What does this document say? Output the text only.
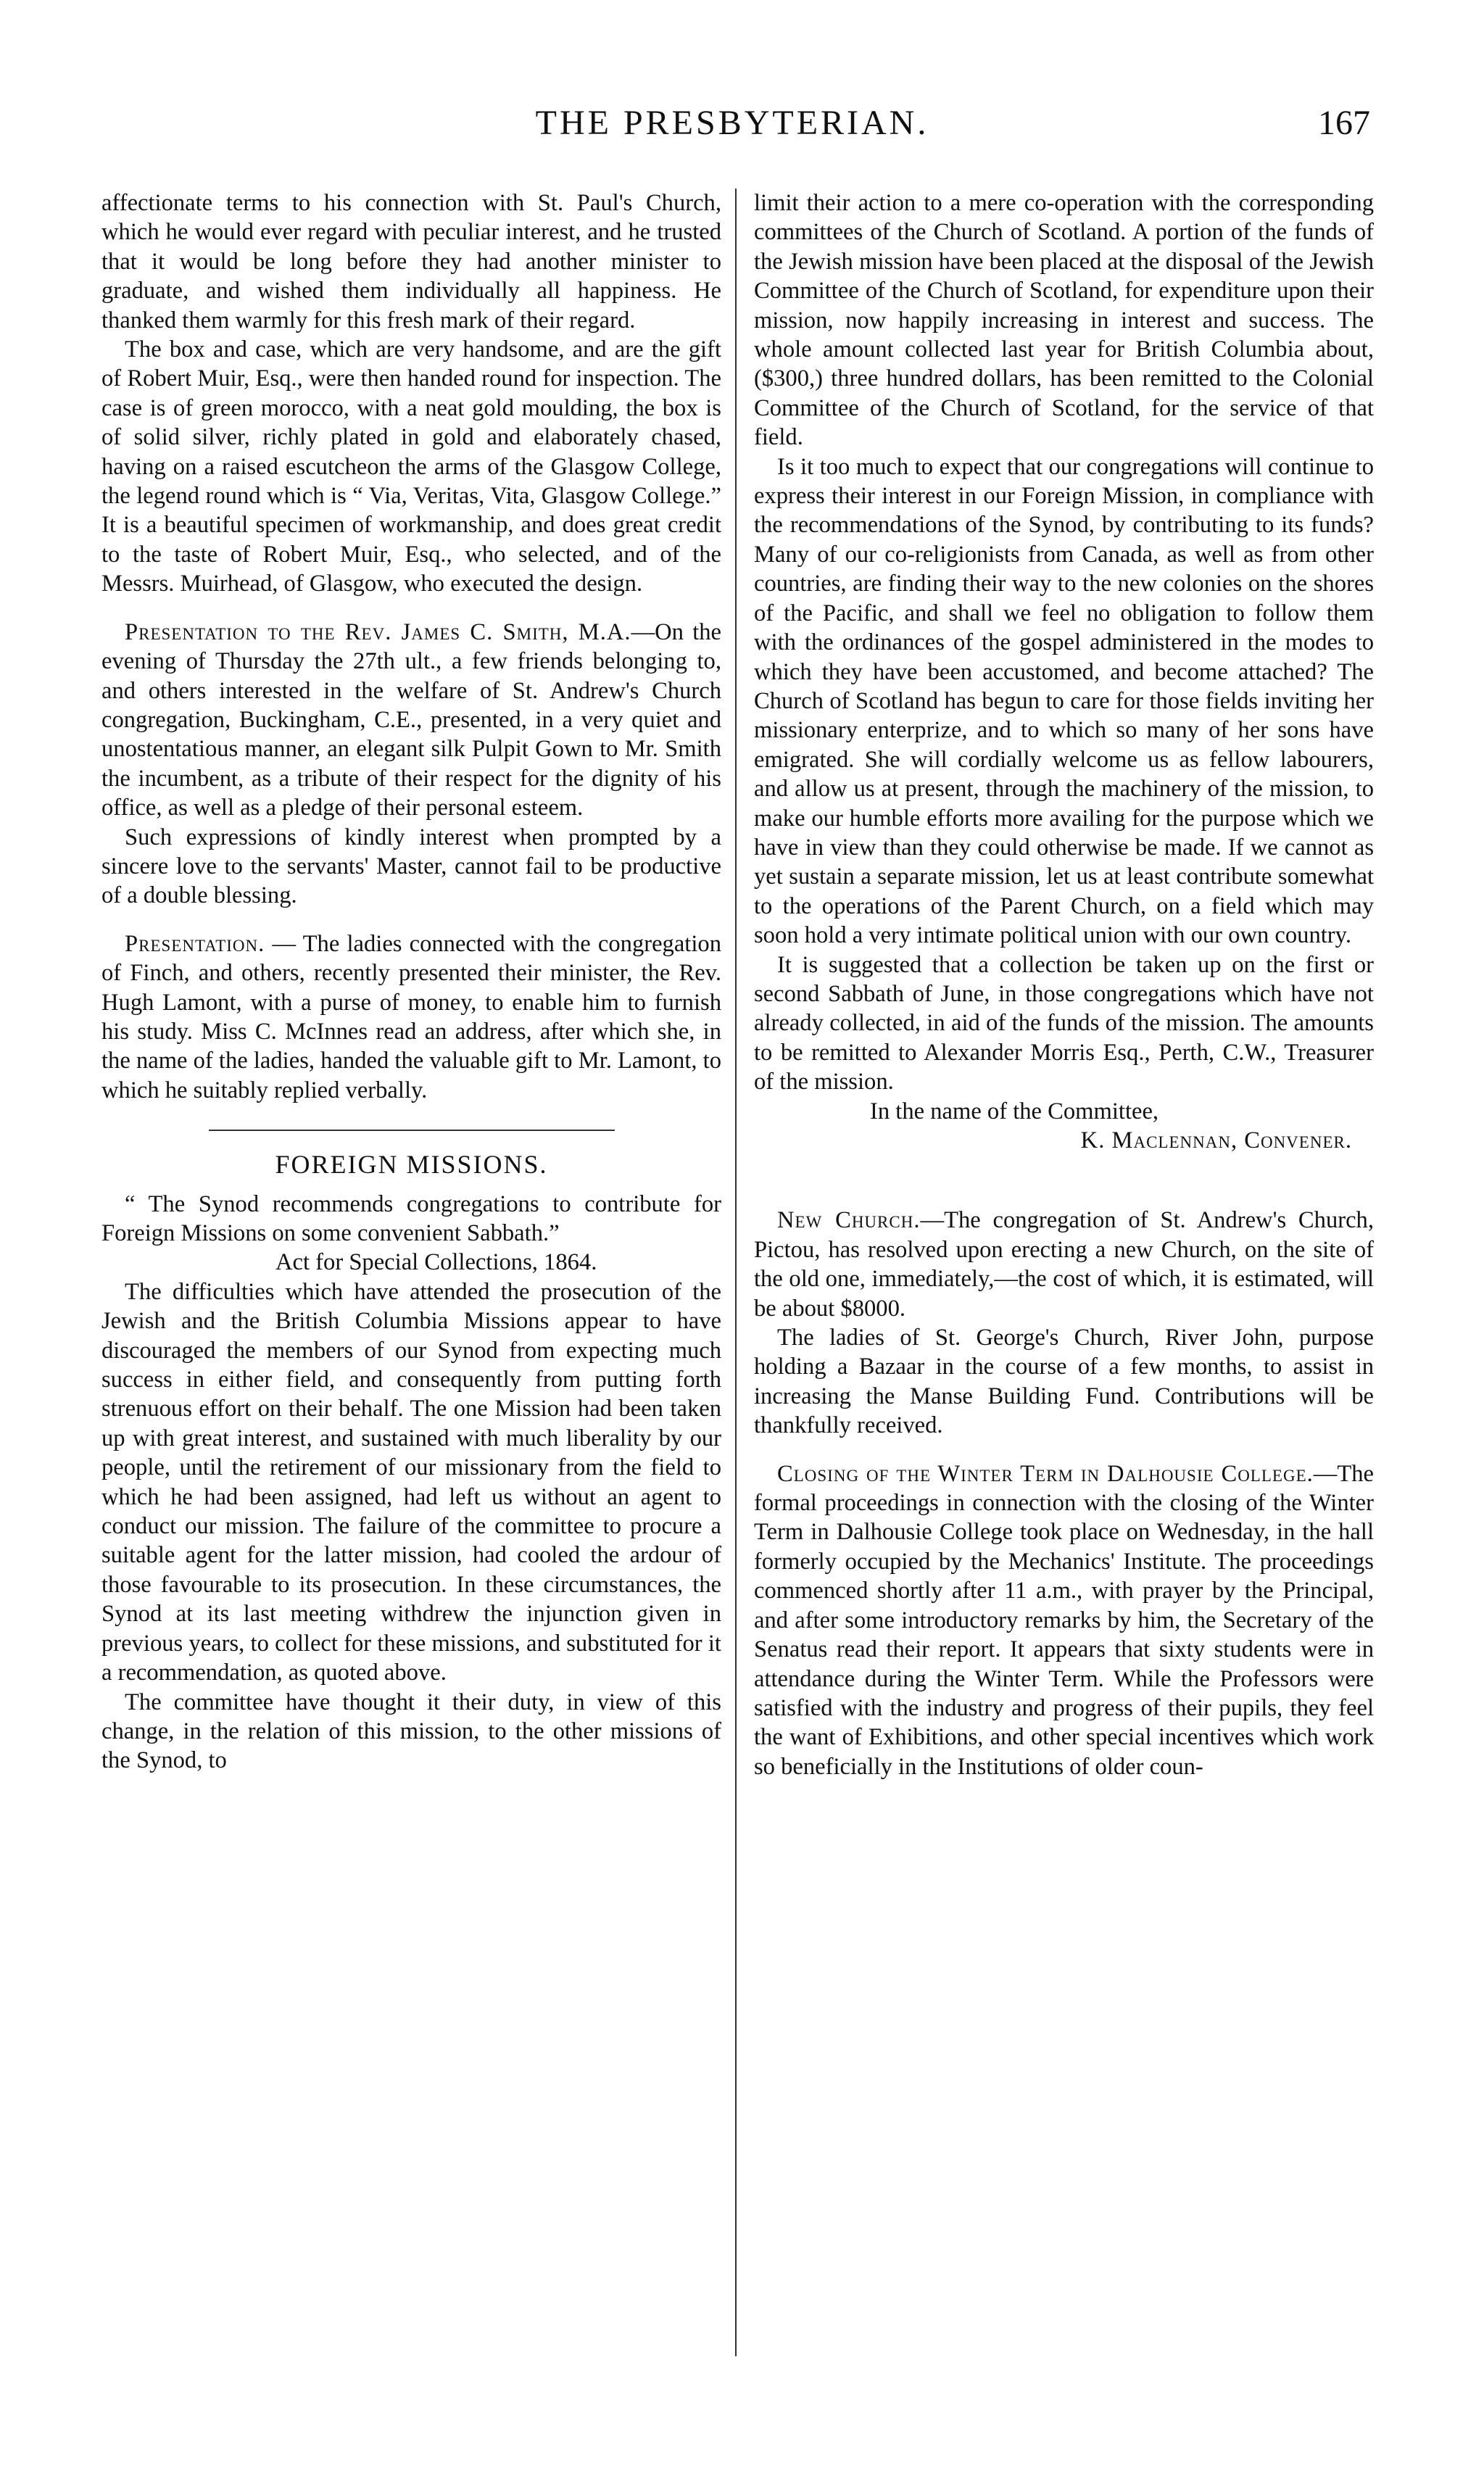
THE PRESBYTERIAN.	167

affectionate terms to his connection with St. Paul's Church, which he would ever regard with peculiar interest, and he trusted that it would be long before they had another minister to graduate, and wished them individually all happiness. He thanked them warmly for this fresh mark of their regard.

The box and case, which are very handsome, and are the gift of Robert Muir, Esq., were then handed round for inspection. The case is of green morocco, with a neat gold moulding, the box is of solid silver, richly plated in gold and elaborately chased, having on a raised escutcheon the arms of the Glasgow College, the legend round which is “ Via, Veritas, Vita, Glasgow College.” It is a beautiful specimen of workmanship, and does great credit to the taste of Robert Muir, Esq., who selected, and of the Messrs. Muirhead, of Glasgow, who executed the design.

Presentation to the Rev. James C. Smith, M.A.—On the evening of Thursday the 27th ult., a few friends belonging to, and others interested in the welfare of St. Andrew's Church congregation, Buckingham, C.E., presented, in a very quiet and unostentatious manner, an elegant silk Pulpit Gown to Mr. Smith the incumbent, as a tribute of their respect for the dignity of his office, as well as a pledge of their personal esteem.

Such expressions of kindly interest when prompted by a sincere love to the servants' Master, cannot fail to be productive of a double blessing.

Presentation. — The ladies connected with the congregation of Finch, and others, recently presented their minister, the Rev. Hugh Lamont, with a purse of money, to enable him to furnish his study. Miss C. McInnes read an address, after which she, in the name of the ladies, handed the valuable gift to Mr. Lamont, to which he suitably replied verbally.

FOREIGN MISSIONS.

“ The Synod recommends congregations to contribute for Foreign Missions on some convenient Sabbath.”

Act for Special Collections, 1864.

The difficulties which have attended the prosecution of the Jewish and the British Columbia Missions appear to have discouraged the members of our Synod from expecting much success in either field, and consequently from putting forth strenuous effort on their behalf. The one Mission had been taken up with great interest, and sustained with much liberality by our people, until the retirement of our missionary from the field to which he had been assigned, had left us without an agent to conduct our mission. The failure of the committee to procure a suitable agent for the latter mission, had cooled the ardour of those favourable to its prosecution. In these circumstances, the Synod at its last meeting withdrew the injunction given in previous years, to collect for these missions, and substituted for it a recommendation, as quoted above.

The committee have thought it their duty, in view of this change, in the relation of this mission, to the other missions of the Synod, to

limit their action to a mere co-operation with the corresponding committees of the Church of Scotland. A portion of the funds of the Jewish mission have been placed at the disposal of the Jewish Committee of the Church of Scotland, for expenditure upon their mission, now happily increasing in interest and success. The whole amount collected last year for British Columbia about, ($300,) three hundred dollars, has been remitted to the Colonial Committee of the Church of Scotland, for the service of that field.

Is it too much to expect that our congregations will continue to express their interest in our Foreign Mission, in compliance with the recommendations of the Synod, by contributing to its funds? Many of our co-religionists from Canada, as well as from other countries, are finding their way to the new colonies on the shores of the Pacific, and shall we feel no obligation to follow them with the ordinances of the gospel administered in the modes to which they have been accustomed, and become attached? The Church of Scotland has begun to care for those fields inviting her missionary enterprize, and to which so many of her sons have emigrated. She will cordially welcome us as fellow labourers, and allow us at present, through the machinery of the mission, to make our humble efforts more availing for the purpose which we have in view than they could otherwise be made. If we cannot as yet sustain a separate mission, let us at least contribute somewhat to the operations of the Parent Church, on a field which may soon hold a very intimate political union with our own country.

It is suggested that a collection be taken up on the first or second Sabbath of June, in those congregations which have not already collected, in aid of the funds of the mission. The amounts to be remitted to Alexander Morris Esq., Perth, C.W., Treasurer of the mission.

In the name of the Committee,

K. Maclennan, Convener.

New Church.—The congregation of St. Andrew's Church, Pictou, has resolved upon erecting a new Church, on the site of the old one, immediately,—the cost of which, it is estimated, will be about $8000.

The ladies of St. George's Church, River John, purpose holding a Bazaar in the course of a few months, to assist in increasing the Manse Building Fund. Contributions will be thankfully received.

Closing of the Winter Term in Dalhousie College.—The formal proceedings in connection with the closing of the Winter Term in Dalhousie College took place on Wednesday, in the hall formerly occupied by the Mechanics' Institute. The proceedings commenced shortly after 11 a.m., with prayer by the Principal, and after some introductory remarks by him, the Secretary of the Senatus read their report. It appears that sixty students were in attendance during the Winter Term. While the Professors were satisfied with the industry and progress of their pupils, they feel the want of Exhibitions, and other special incentives which work so beneficially in the Institutions of older coun-
